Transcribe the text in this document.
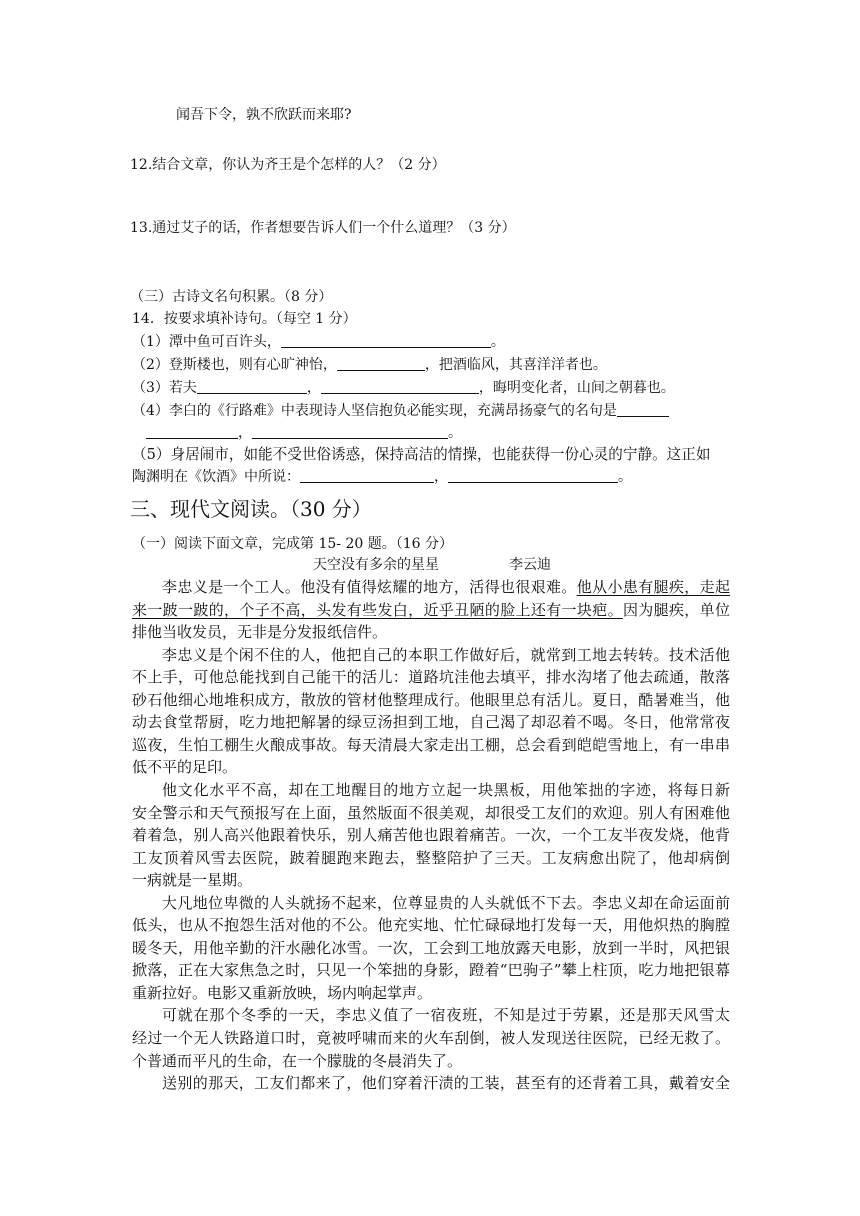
闻吾下令，孰不欣跃而来耶?
12.结合文章，你认为齐王是个怎样的人？（2 分）
13.通过艾子的话，作者想要告诉人们一个什么道理？（3 分）
（三）古诗文名句积累。（8 分）
14．按要求填补诗句。（每空 1 分）
（1）潭中鱼可百许头，	。
（2）登斯楼也，则有心旷神怡，	，把酒临风，其喜洋洋者也。
（3）若夫	，	，晦明变化者，山间之朝暮也。
（4）李白的《行路难》中表现诗人坚信抱负必能实现，充满昂扬豪气的名句是
，	。
（5）身居闹市，如能不受世俗诱惑，保持高洁的情操，也能获得一份心灵的宁静。这正如
陶渊明在《饮酒》中所说：	，	。
三、现代文阅读。（30 分）
（一）阅读下面文章，完成第 15- 20 题。（16 分）
天空没有多余的星星	李云迪
李忠义是一个工人。他没有值得炫耀的地方，活得也很艰难。他从小患有腿疾，走起
来一跛一跛的，个子不高，头发有些发白，近乎丑陋的脸上还有一块疤。因为腿疾，单位
排他当收发员，无非是分发报纸信件。
李忠义是个闲不住的人，他把自己的本职工作做好后，就常到工地去转转。技术活他
不上手，可他总能找到自己能干的活儿：道路坑洼他去填平，排水沟堵了他去疏通，散落
砂石他细心地堆积成方，散放的管材他整理成行。他眼里总有活儿。夏日，酷暑难当，他
动去食堂帮厨，吃力地把解暑的绿豆汤担到工地，自己渴了却忍着不喝。冬日，他常常夜
巡夜，生怕工棚生火酿成事故。每天清晨大家走出工棚，总会看到皑皑雪地上，有一串串
低不平的足印。
他文化水平不高，却在工地醒目的地方立起一块黑板，用他笨拙的字迹，将每日新
安全警示和天气预报写在上面，虽然版面不很美观，却很受工友们的欢迎。别人有困难他
着着急，别人高兴他跟着快乐，别人痛苦他也跟着痛苦。一次，一个工友半夜发烧，他背
工友顶着风雪去医院，跛着腿跑来跑去，整整陪护了三天。工友病愈出院了，他却病倒
一病就是一星期。
大凡地位卑微的人头就扬不起来，位尊显贵的人头就低不下去。李忠义却在命运面前
低头，也从不抱怨生活对他的不公。他充实地、忙忙碌碌地打发每一天，用他炽热的胸膛
暖冬天，用他辛勤的汗水融化冰雪。一次，工会到工地放露天电影，放到一半时，风把银
掀落，正在大家焦急之时，只见一个笨拙的身影，蹬着“巴驹子”攀上柱顶，吃力地把银幕
重新拉好。电影又重新放映，场内响起掌声。
可就在那个冬季的一天，李忠义值了一宿夜班，不知是过于劳累，还是那天风雪太
经过一个无人铁路道口时，竟被呼啸而来的火车刮倒，被人发现送往医院，已经无救了。
个普通而平凡的生命，在一个朦胧的冬晨消失了。
送别的那天，工友们都来了，他们穿着汗渍的工装，甚至有的还背着工具，戴着安全
